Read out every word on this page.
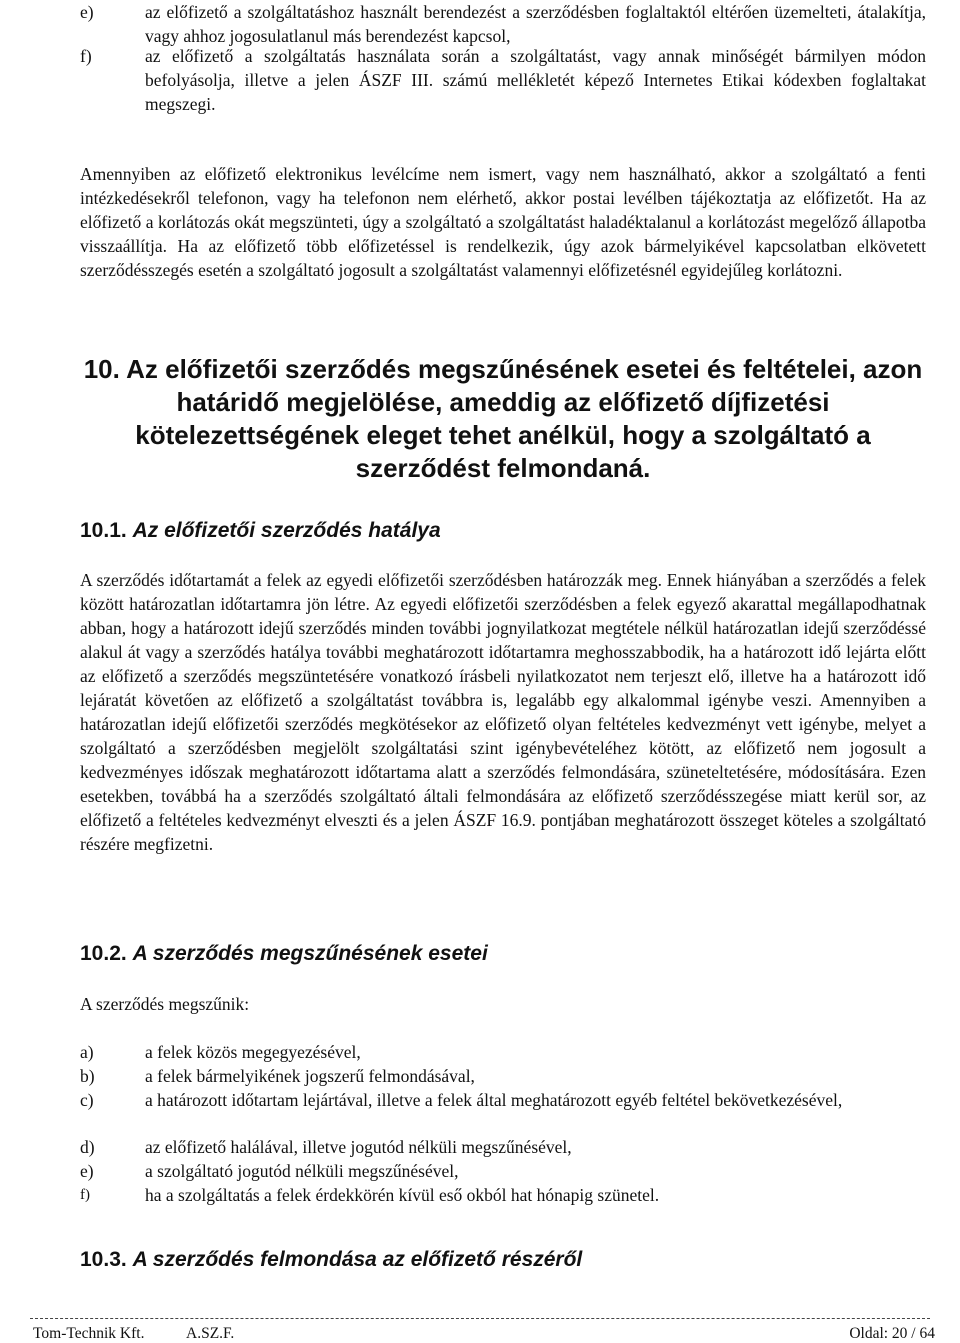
e)	az előfizető a szolgáltatáshoz használt berendezést a szerződésben foglaltaktól eltérően üzemelteti, átalakítja, vagy ahhoz jogosulatlanul más berendezést kapcsol,
f)	az előfizető a szolgáltatás használata során a szolgáltatást, vagy annak minőségét bármilyen módon befolyásolja, illetve a jelen ÁSZF III. számú mellékletét képező Internetes Etikai kódexben foglaltakat megszegi.

Amennyiben az előfizető elektronikus levélcíme nem ismert, vagy nem használható, akkor a szolgáltató a fenti intézkedésekről telefonon, vagy ha telefonon nem elérhető, akkor postai levélben tájékoztatja az előfizetőt. Ha az előfizető a korlátozás okát megszünteti, úgy a szolgáltató a szolgáltatást haladéktalanul a korlátozást megelőző állapotba visszaállítja. Ha az előfizető több előfizetéssel is rendelkezik, úgy azok bármelyikével kapcsolatban elkövetett szerződésszegés esetén a szolgáltató jogosult a szolgáltatást valamennyi előfizetésnél egyidejűleg korlátozni.

10. Az előfizetői szerződés megszűnésének esetei és feltételei, azon határidő megjelölése, ameddig az előfizető díjfizetési kötelezettségének eleget tehet anélkül, hogy a szolgáltató a szerződést felmondaná.
10.1. Az előfizetői szerződés hatálya

A szerződés időtartamát a felek az egyedi előfizetői szerződésben határozzák meg. Ennek hiányában a szerződés a felek között határozatlan időtartamra jön létre. Az egyedi előfizetői szerződésben a felek egyező akarattal megállapodhatnak abban, hogy a határozott idejű szerződés minden további jognyilatkozat megtétele nélkül határozatlan idejű szerződéssé alakul át vagy a szerződés hatálya további meghatározott időtartamra meghosszabbodik, ha a határozott idő lejárta előtt az előfizető a szerződés megszüntetésére vonatkozó írásbeli nyilatkozatot nem terjeszt elő, illetve ha a határozott idő lejáratát követően az előfizető a szolgáltatást továbbra is, legalább egy alkalommal igénybe veszi. Amennyiben a határozatlan idejű előfizetői szerződés megkötésekor az előfizető olyan feltételes kedvezményt vett igénybe, melyet a szolgáltató a szerződésben megjelölt szolgáltatási szint igénybevételéhez kötött, az előfizető nem jogosult a kedvezményes időszak meghatározott időtartama alatt a szerződés felmondására, szüneteltetésére, módosítására. Ezen esetekben, továbbá ha a szerződés szolgáltató általi felmondására az előfizető szerződésszegése miatt kerül sor, az előfizető a feltételes kedvezményt elveszti és a jelen ÁSZF 16.9. pontjában meghatározott összeget köteles a szolgáltató részére megfizetni.

10.2. A szerződés megszűnésének esetei

A szerződés megszűnik:

a)	a felek közös megegyezésével,
b)	a felek bármelyikének jogszerű felmondásával,
c)	a határozott időtartam lejártával, illetve a felek által meghatározott egyéb feltétel bekövetkezésével,
d)	az előfizető halálával, illetve jogutód nélküli megszűnésével,
e)	a szolgáltató jogutód nélküli megszűnésével,
f)	ha a szolgáltatás a felek érdekkörén kívül eső okból hat hónapig szünetel.
10.3. A szerződés felmondása az előfizető részéről
Tom-Technik Kft.	A.SZ.F.	Oldal: 20 / 64
